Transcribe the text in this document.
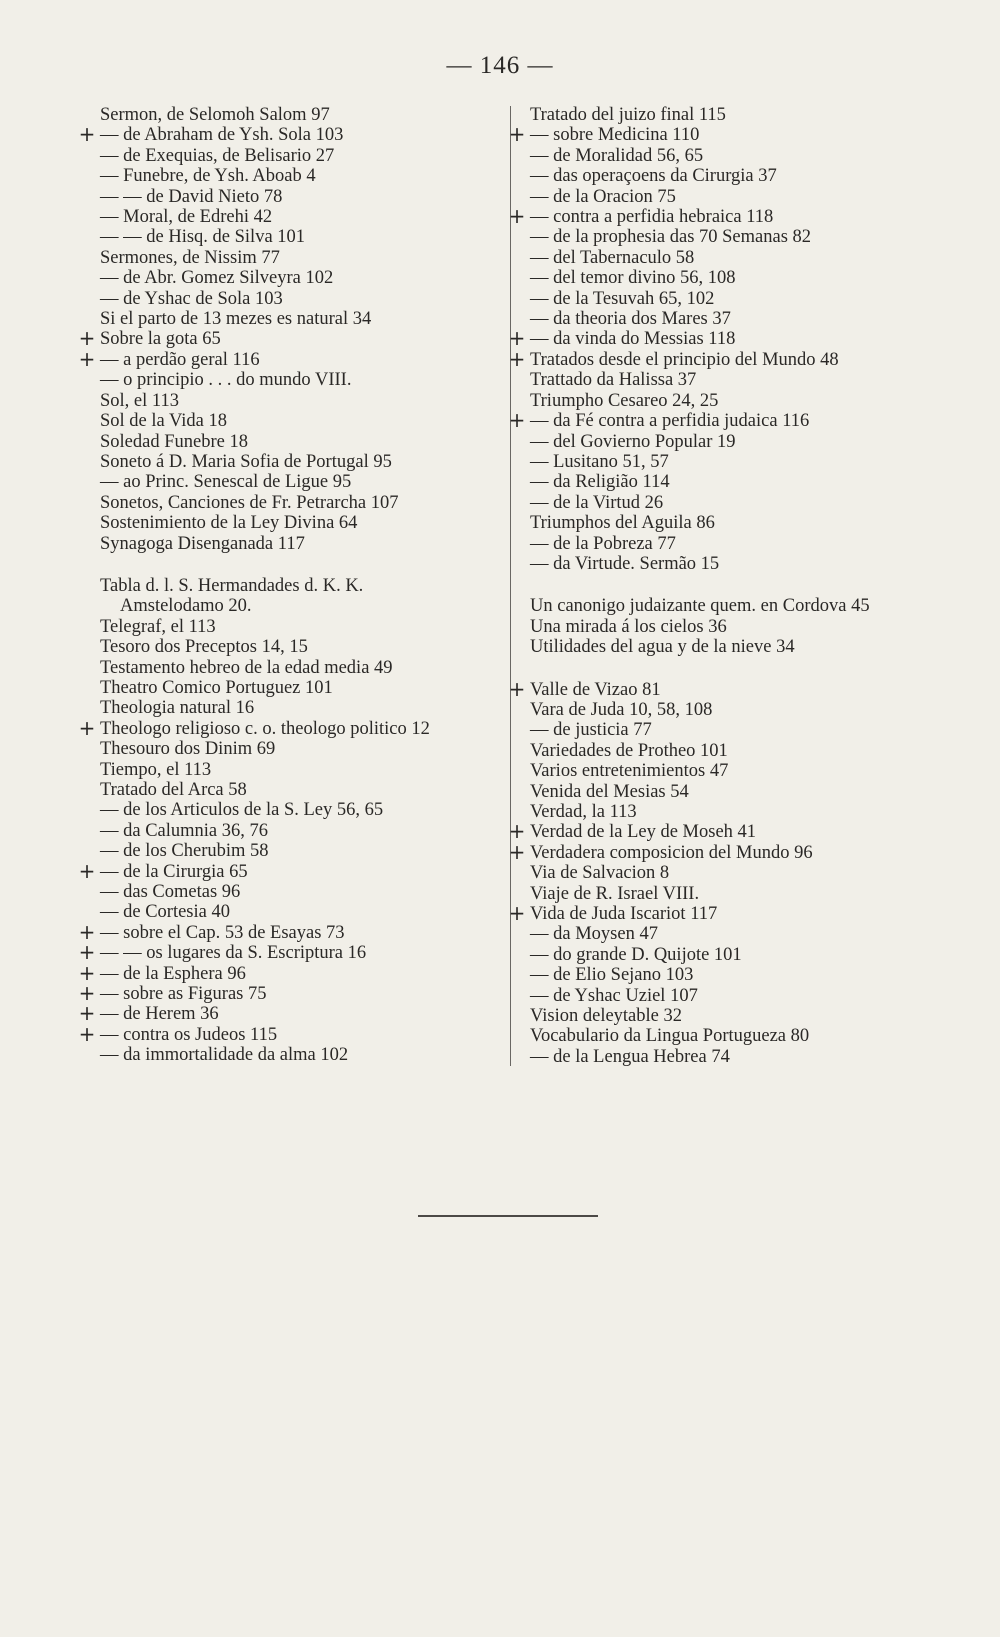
— 146 —
Sermon, de Selomoh Salom 97
+ — de Abraham de Ysh. Sola 103
— de Exequias, de Belisario 27
— Funebre, de Ysh. Aboab 4
— — de David Nieto 78
— Moral, de Edrehi 42
— — de Hisq. de Silva 101
Sermones, de Nissim 77
— de Abr. Gomez Silveyra 102
— de Yshac de Sola 103
Si el parto de 13 mezes es natural 34
+ Sobre la gota 65
+ — a perdão geral 116
— o principio . . . do mundo VIII.
Sol, el 113
Sol de la Vida 18
Soledad Funebre 18
Soneto á D. Maria Sofia de Portugal 95
— ao Princ. Senescal de Ligue 95
Sonetos, Canciones de Fr. Petrarcha 107
Sostenimiento de la Ley Divina 64
Synagoga Disenganada 117
Tabla d. l. S. Hermandades d. K. K.
Amstelodamo 20.
Telegraf, el 113
Tesoro dos Preceptos 14, 15
Testamento hebreo de la edad media 49
Theatro Comico Portuguez 101
Theologia natural 16
+ Theologo religioso c. o. theologo politico 12
Thesouro dos Dinim 69
Tiempo, el 113
Tratado del Arca 58
— de los Articulos de la S. Ley 56, 65
— da Calumnia 36, 76
— de los Cherubim 58
+ — de la Cirurgia 65
— das Cometas 96
— de Cortesia 40
+ — sobre el Cap. 53 de Esayas 73
+ — — os lugares da S. Escriptura 16
+ — de la Esphera 96
+ — sobre as Figuras 75
+ — de Herem 36
+ — contra os Judeos 115
— da immortalidade da alma 102
Tratado del juizo final 115
+ — sobre Medicina 110
— de Moralidad 56, 65
— das operaçoens da Cirurgia 37
— de la Oracion 75
+ — contra a perfidia hebraica 118
— de la prophesia das 70 Semanas 82
— del Tabernaculo 58
— del temor divino 56, 108
— de la Tesuvah 65, 102
— da theoria dos Mares 37
+ — da vinda do Messias 118
+ Tratados desde el principio del Mundo 48
Trattado da Halissa 37
Triumpho Cesareo 24, 25
+ — da Fé contra a perfidia judaica 116
— del Govierno Popular 19
— Lusitano 51, 57
— da Religião 114
— de la Virtud 26
Triumphos del Aguila 86
— de la Pobreza 77
— da Virtude. Sermão 15
Un canonigo judaizante quem. en Cordova 45
Una mirada á los cielos 36
Utilidades del agua y de la nieve 34
+ Valle de Vizao 81
Vara de Juda 10, 58, 108
— de justicia 77
Variedades de Protheo 101
Varios entretenimientos 47
Venida del Mesias 54
Verdad, la 113
+ Verdad de la Ley de Moseh 41
+ Verdadera composicion del Mundo 96
Via de Salvacion 8
Viaje de R. Israel VIII.
+ Vida de Juda Iscariot 117
— da Moysen 47
— do grande D. Quijote 101
— de Elio Sejano 103
— de Yshac Uziel 107
Vision deleytable 32
Vocabulario da Lingua Portugueza 80
— de la Lengua Hebrea 74
